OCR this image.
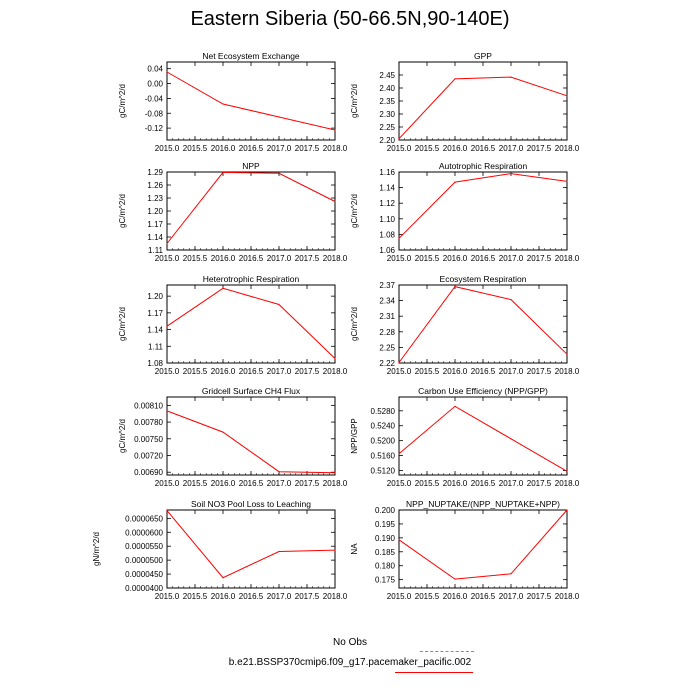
Eastern Siberia (50-66.5N,90-140E)
Net Ecosystem Exchange
2015.0 2015.5 2016.0 2016.5 2017.0 2017.5 2018.0
0.04
0.00
-0.04
-0.08
-0.12
gC/m^2/d
GPP
2015.0 2015.5 2016.0 2016.5 2017.0 2017.5 2018.0
2.20
2.25
2.30
2.35
2.40
2.45
gC/m^2/d
NPP
2015.0 2015.5 2016.0 2016.5 2017.0 2017.5 2018.0
1.11
1.14
1.17
1.20
1.23
1.26
1.29
gC/m^2/d
Autotrophic Respiration
2015.0 2015.5 2016.0 2016.5 2017.0 2017.5 2018.0
1.06
1.08
1.10
1.12
1.14
1.16
gC/m^2/d
Heterotrophic Respiration
2015.0 2015.5 2016.0 2016.5 2017.0 2017.5 2018.0
1.08
1.11
1.14
1.17
1.20
gC/m^2/d
Ecosystem Respiration
2015.0 2015.5 2016.0 2016.5 2017.0 2017.5 2018.0
2.22
2.25
2.28
2.31
2.34
2.37
gC/m^2/d
Gridcell Surface CH4 Flux
2015.0 2015.5 2016.0 2016.5 2017.0 2017.5 2018.0
0.00810
0.00780
0.00750
0.00720
0.00690
gC/m^2/d
Carbon Use Efficiency (NPP/GPP)
2015.0 2015.5 2016.0 2016.5 2017.0 2017.5 2018.0
0.5280
0.5240
0.5200
0.5160
0.5120
NPP/GPP
Soil NO3 Pool Loss to Leaching
2015.0 2015.5 2016.0 2016.5 2017.0 2017.5 2018.0
0.0000650
0.0000600
0.0000550
0.0000500
0.0000450
0.0000400
gN/m^2/d
NPP_NUPTAKE/(NPP_NUPTAKE+NPP)
2015.0 2015.5 2016.0 2016.5 2017.0 2017.5 2018.0
0.200
0.195
0.190
0.185
0.180
0.175
NA
No Obs
b.e21.BSSP370cmip6.f09_g17.pacemaker_pacific.002
